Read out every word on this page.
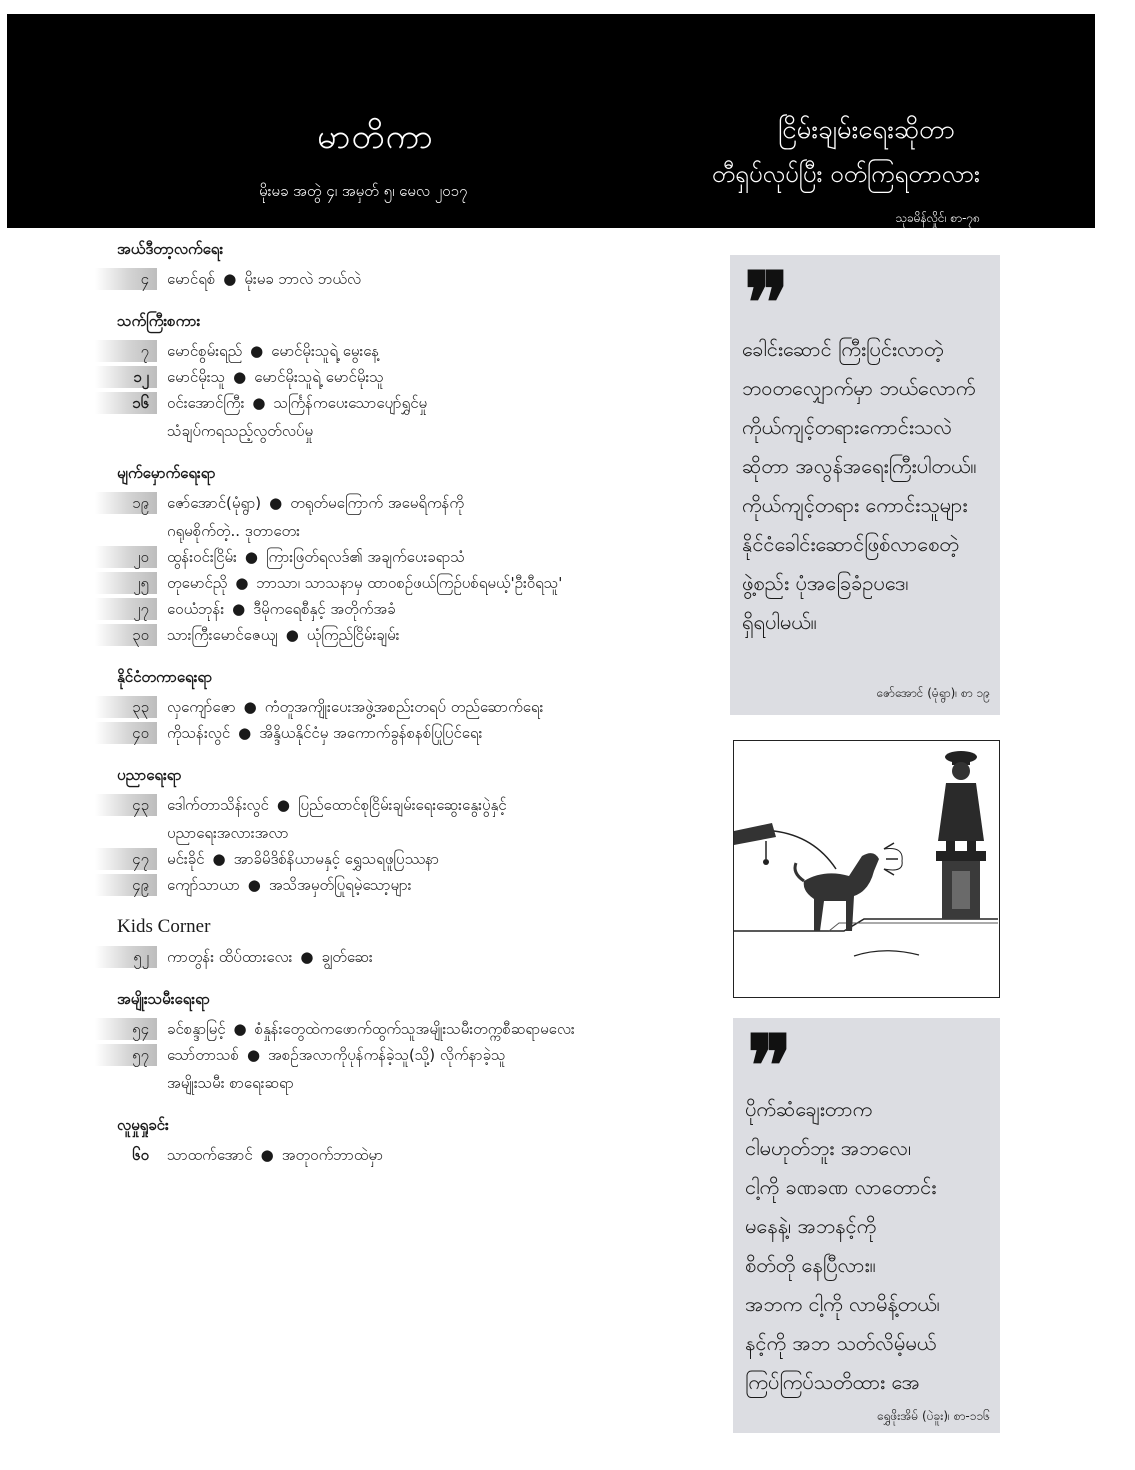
မာတိကာ
မိုးမခ အတွဲ ၄၊ အမှတ် ၅၊ မေလ ၂၀၁၇
ငြိမ်းချမ်းရေးဆိုတာ
တီရှပ်လုပ်ပြီး ဝတ်ကြရတာလား
သုခမိန်လှိုင်၊ စာ-၇၈
အယ်ဒီတာ့လက်ရေး
၄	မောင်ရစ် ● မိုးမခ ဘာလဲ ဘယ်လဲ
သက်ကြီးစကား
၇	မောင်စွမ်းရည် ● မောင်မိုးသူရဲ့ မွေးနေ့
၁၂	မောင်မိုးသူ ● မောင်မိုးသူရဲ့ မောင်မိုးသူ
၁၆	ဝင်းအောင်ကြီး ● သင်္ကြန်ကပေးသောပျော်ရွှင်မှု
သံချပ်ကရသည့်လွတ်လပ်မှု
မျက်မှောက်ရေးရာ
၁၉	ဇော်အောင်(မုံရွာ) ● တရုတ်မကြောက် အမေရိကန်ကို
ဂရုမစိုက်တဲ့.. ဒုတာတေး
၂၀	ထွန်းဝင်းငြိမ်း ● ကြားဖြတ်ရလဒ်၏ အချက်ပေးခရာသံ
၂၅	တုမောင်ညို ● ဘာသာ၊ သာသနာမှ ထာဝစဉ်ဖယ်ကြဉ်ပစ်ရမယ့်'ဦးဝီရသူ'
၂၇	ဝေယံဘုန်း ● ဒီမိုကရေစီနှင့် အတိုက်အခံ
၃၀	သားကြီးမောင်ဇေယျ ● ယုံကြည်ငြိမ်းချမ်း
နိုင်ငံတကာရေးရာ
၃၃	လှကျော်ဇော ● ကံတူအကျိုးပေးအဖွဲ့အစည်းတရပ် တည်ဆောက်ရေး
၄၀	ကိုသန်းလွင် ● အိန္ဒိယနိုင်ငံမှ အကောက်ခွန်စနစ်ပြုပြင်ရေး
ပညာရေးရာ
၄၃	ဒေါက်တာသိန်းလွင် ● ပြည်ထောင်စုငြိမ်းချမ်းရေးဆွေးနွေးပွဲနှင့်
ပညာရေးအလားအလာ
၄၇	မင်းခိုင် ● အာခိမိဒိစ်နိယာမနှင့် ရွှေသရဖူပြဿနာ
၄၉	ကျော်သာယာ ● အသိအမှတ်ပြုရမဲ့သော့များ
Kids Corner
၅၂	ကာတွန်း ထိပ်ထားလေး ● ချွတ်ဆေး
အမျိုးသမီးရေးရာ
၅၄	ခင်စန္ဒာမြင့် ● စံနှုန်းတွေထဲကဖောက်ထွက်သူအမျိုးသမီးတက္ကစီဆရာမလေး
၅၇	သော်တာသစ် ● အစဉ်အလာကိုပုန်ကန်ခဲ့သူ(သို့) လိုက်နာခဲ့သူ
အမျိုးသမီး စာရေးဆရာ
လူမှုရှုခင်း
၆၀	သာထက်အောင် ● အတုဝက်ဘာထဲမှာ
❞
ခေါင်းဆောင် ကြီးပြင်းလာတဲ့
ဘဝတလျှောက်မှာ ဘယ်လောက်
ကိုယ်ကျင့်တရားကောင်းသလဲ
ဆိုတာ အလွန်အရေးကြီးပါတယ်။
ကိုယ်ကျင့်တရား ကောင်းသူများ
နိုင်ငံခေါင်းဆောင်ဖြစ်လာစေတဲ့
ဖွဲ့စည်း ပုံအခြေခံဥပဒေ၊
ရှိရပါမယ်။
ဇော်အောင် (မုံရွာ)၊ စာ ၁၉
❞
ပိုက်ဆံချေးတာက
ငါမဟုတ်ဘူး အဘလေ၊
ငါ့ကို ခဏခဏ လာတောင်း
မနေနဲ့၊ အဘနင့်ကို
စိတ်တို နေပြီလား။
အဘက ငါ့ကို လာမိန့်တယ်၊
နင့်ကို အဘ သတ်လိမ့်မယ်
ကြပ်ကြပ်သတိထား အေ
ရွှေဖိုးအိမ် (ပဲခူး)၊ စာ-၁၁၆
